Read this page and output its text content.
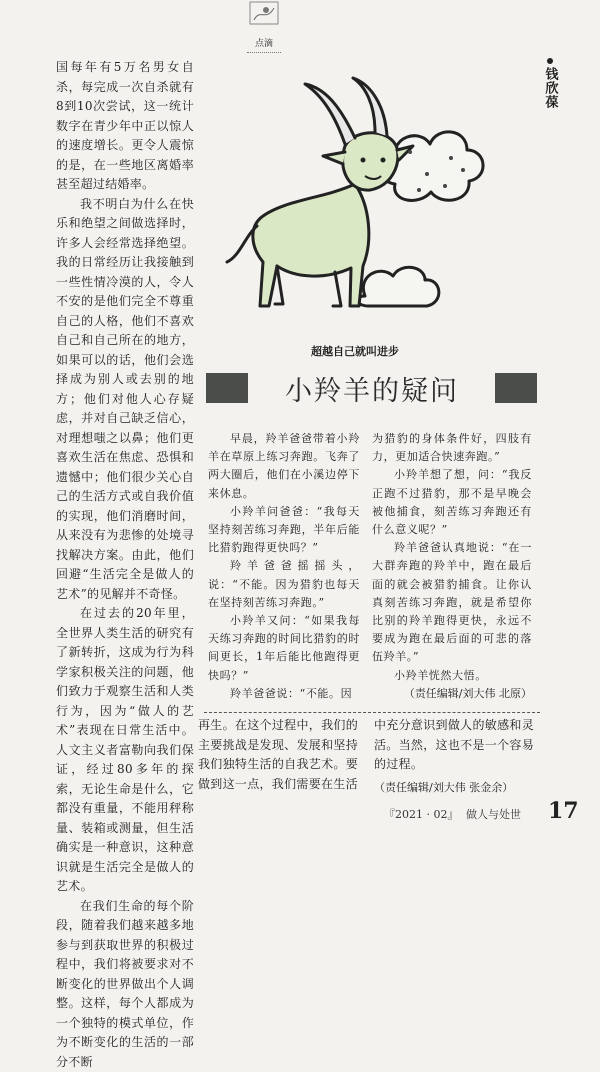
点滴

国每年有5万名男女自杀，每完成一次自杀就有8到10次尝试，这一统计数字在青少年中正以惊人的速度增长。更令人震惊的是，在一些地区离婚率甚至超过结婚率。

我不明白为什么在快乐和绝望之间做选择时，许多人会经常选择绝望。我的日常经历让我接触到一些性情冷漠的人，令人不安的是他们完全不尊重自己的人格，他们不喜欢自己和自己所在的地方，如果可以的话，他们会选择成为别人或去别的地方；他们对他人心存疑虑，并对自己缺乏信心，对理想嗤之以鼻；他们更喜欢生活在焦虑、恐惧和遗憾中；他们很少关心自己的生活方式或自我价值的实现，他们消磨时间，从来没有为悲惨的处境寻找解决方案。由此，他们回避“生活完全是做人的艺术”的见解并不奇怪。

在过去的20年里，全世界人类生活的研究有了新转折，这成为行为科学家积极关注的问题，他们致力于观察生活和人类行为，因为“做人的艺术”表现在日常生活中。人文主义者富勒向我们保证，经过80多年的探索，无论生命是什么，它都没有重量，不能用秤称量、装箱或测量，但生活确实是一种意识，这种意识就是生活完全是做人的艺术。

在我们生命的每个阶段，随着我们越来越多地参与到获取世界的积极过程中，我们将被要求对不断变化的世界做出个人调整。这样，每个人都成为一个独特的模式单位，作为不断变化的生活的一部分不断

钱欣葆
超越自己就叫进步
小羚羊的疑问

早晨，羚羊爸爸带着小羚羊在草原上练习奔跑。飞奔了两大圈后，他们在小溪边停下来休息。

小羚羊问爸爸：“我每天坚持刻苦练习奔跑，半年后能比猎豹跑得更快吗？”

羚羊爸爸摇摇头，说：“不能。因为猎豹也每天在坚持刻苦练习奔跑。”

小羚羊又问：“如果我每天练习奔跑的时间比猎豹的时间更长，1年后能比他跑得更快吗？”

羚羊爸爸说：“不能。因

为猎豹的身体条件好，四肢有力，更加适合快速奔跑。”

小羚羊想了想，问：“我反正跑不过猎豹，那不是早晚会被他捕食，刻苦练习奔跑还有什么意义呢？”

羚羊爸爸认真地说：“在一大群奔跑的羚羊中，跑在最后面的就会被猎豹捕食。让你认真刻苦练习奔跑，就是希望你比别的羚羊跑得更快，永远不要成为跑在最后面的可悲的落伍羚羊。”

小羚羊恍然大悟。

（责任编辑/刘大伟 北原）

再生。在这个过程中，我们的主要挑战是发现、发展和坚持我们独特生活的自我艺术。要做到这一点，我们需要在生活

中充分意识到做人的敏感和灵活。当然，这也不是一个容易的过程。

（责任编辑/刘大伟 张金余）

『2021 · 02』 做人与处世 17
